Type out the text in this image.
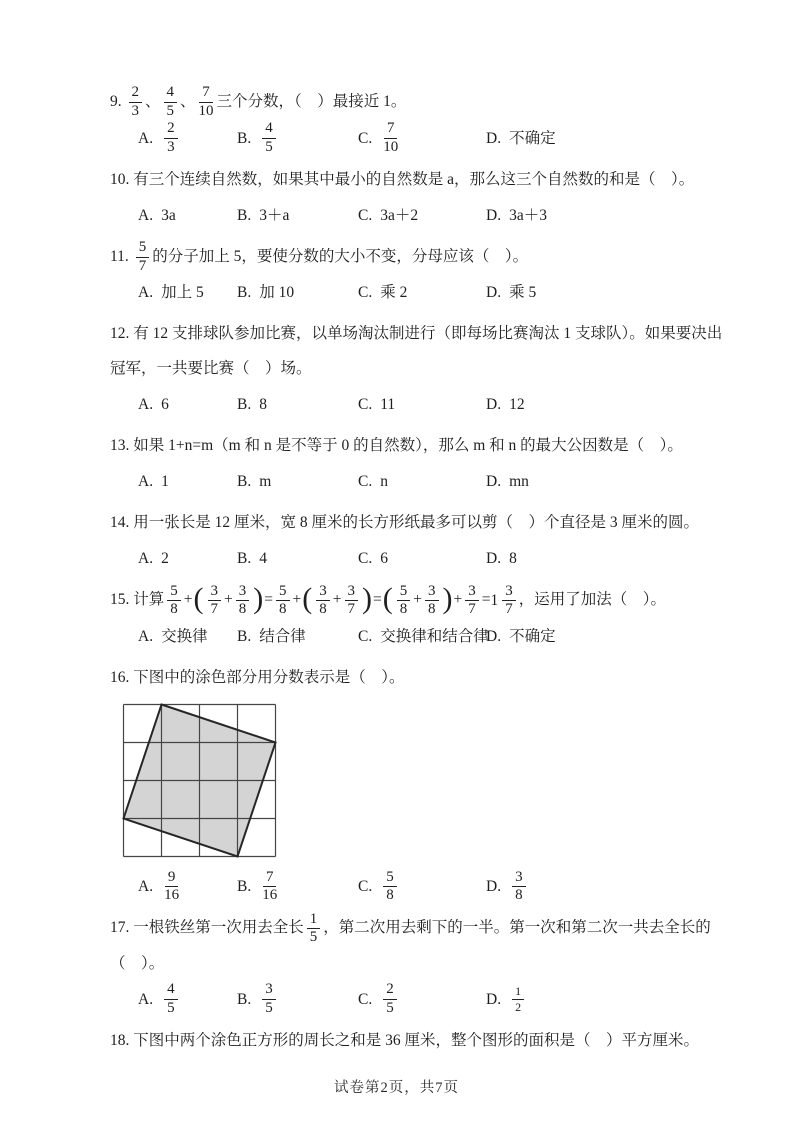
9. $\frac{2}{3}$ 、 $\frac{4}{5}$ 、 $\frac{7}{10}$ 三个分数，（　）最接近 1。
A. $\frac{2}{3}$	B. $\frac{4}{5}$	C. $\frac{7}{10}$	D. 不确定
10. 有三个连续自然数，如果其中最小的自然数是 a，那么这三个自然数的和是（　）。
A. 3a	B. 3＋a	C. 3a＋2	D. 3a＋3
11. $\frac{5}{7}$ 的分子加上 5，要使分数的大小不变，分母应该（　）。
A. 加上 5 B. 加 10	C. 乘 2	D. 乘 5
12. 有 12 支排球队参加比赛，以单场淘汰制进行（即每场比赛淘汰 1 支球队）。如果要决出
冠军，一共要比赛（　）场。
A. 6	B. 8	C. 11	D. 12
13. 如果 1+n=m（m 和 n 是不等于 0 的自然数），那么 m 和 n 的最大公因数是（　）。
A. 1	B. m	C. n	D. mn
14. 用一张长是 12 厘米，宽 8 厘米的长方形纸最多可以剪（　）个直径是 3 厘米的圆。
A. 2	B. 4	C. 6	D. 8
15. 计算 $\frac{5}{8}$ +( $\frac{3}{7} + \frac{3}{8}$ )= $\frac{5}{8}$ +( $\frac{3}{8} + \frac{3}{7}$ )=( $\frac{5}{8} + \frac{3}{8}$ )+ $\frac{3}{7} = 1 \frac{3}{7}$ ，运用了加法（　）。
A. 交换律 B. 结合律	C. 交换律和结合律
D. 不确定
16. 下图中的涂色部分用分数表示是（　）。
A. $\frac{9}{16}$	B. $\frac{7}{16}$	C. $\frac{5}{8}$	D. $\frac{3}{8}$
17. 一根铁丝第一次用去全长 $\frac{1}{5}$ ，第二次用去剩下的一半。第一次和第二次一共去全长的
（　）。
A. $\frac{4}{5}$	B. $\frac{3}{5}$	C. $\frac{2}{5}$	D. $\frac{1}{2}$
18. 下图中两个涂色正方形的周长之和是 36 厘米，整个图形的面积是（　）平方厘米。
试卷第2页，共7页
